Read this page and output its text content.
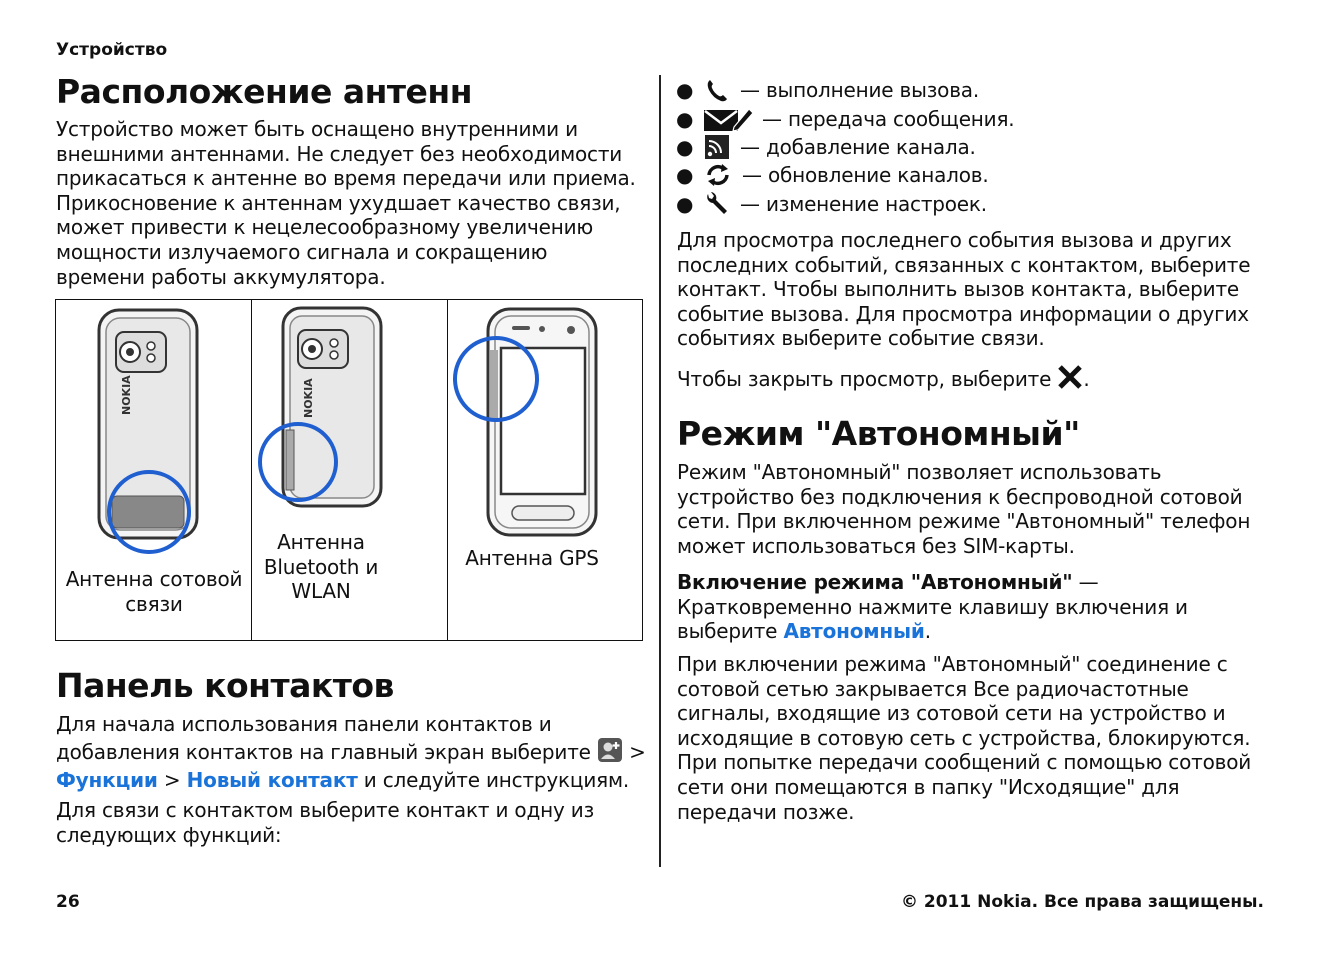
Устройство
Расположение антенн

Устройство может быть оснащено внутренними и внешними антеннами. Не следует без необходимости прикасаться к антенне во время передачи или приема. Прикосновение к антеннам ухудшает качество связи, может привести к нецелесообразному увеличению мощности излучаемого сигнала и сокращению времени работы аккумулятора.

NOKIA
Антенна сотовой
связи
NOKIA
Антенна
Bluetooth и
WLAN
Антенна GPS
Панель контактов

Для начала использования панели контактов и добавления контактов на главный экран выберите >
Функции > Новый контакт и следуйте инструкциям.

Для связи с контактом выберите контакт и одну из следующих функций:

●	— выполнение вызова.
●	— передача сообщения.
●	— добавление канала.
●	— обновление каналов.
●	— изменение настроек.

Для просмотра последнего события вызова и других последних событий, связанных с контактом, выберите контакт. Чтобы выполнить вызов контакта, выберите событие вызова. Для просмотра информации о других событиях выберите событие связи.

Чтобы закрыть просмотр, выберите .

Режим "Автономный"

Режим "Автономный" позволяет использовать устройство без подключения к беспроводной сотовой сети. При включенном режиме "Автономный" телефон может использоваться без SIM-карты.

Включение режима "Автономный" —
Кратковременно нажмите клавишу включения и выберите Автономный.

При включении режима "Автономный" соединение с сотовой сетью закрывается Все радиочастотные сигналы, входящие из сотовой сети на устройство и исходящие в сотовую сеть с устройства, блокируются. При попытке передачи сообщений с помощью сотовой сети они помещаются в папку "Исходящие" для передачи позже.

26	© 2011 Nokia. Все права защищены.
